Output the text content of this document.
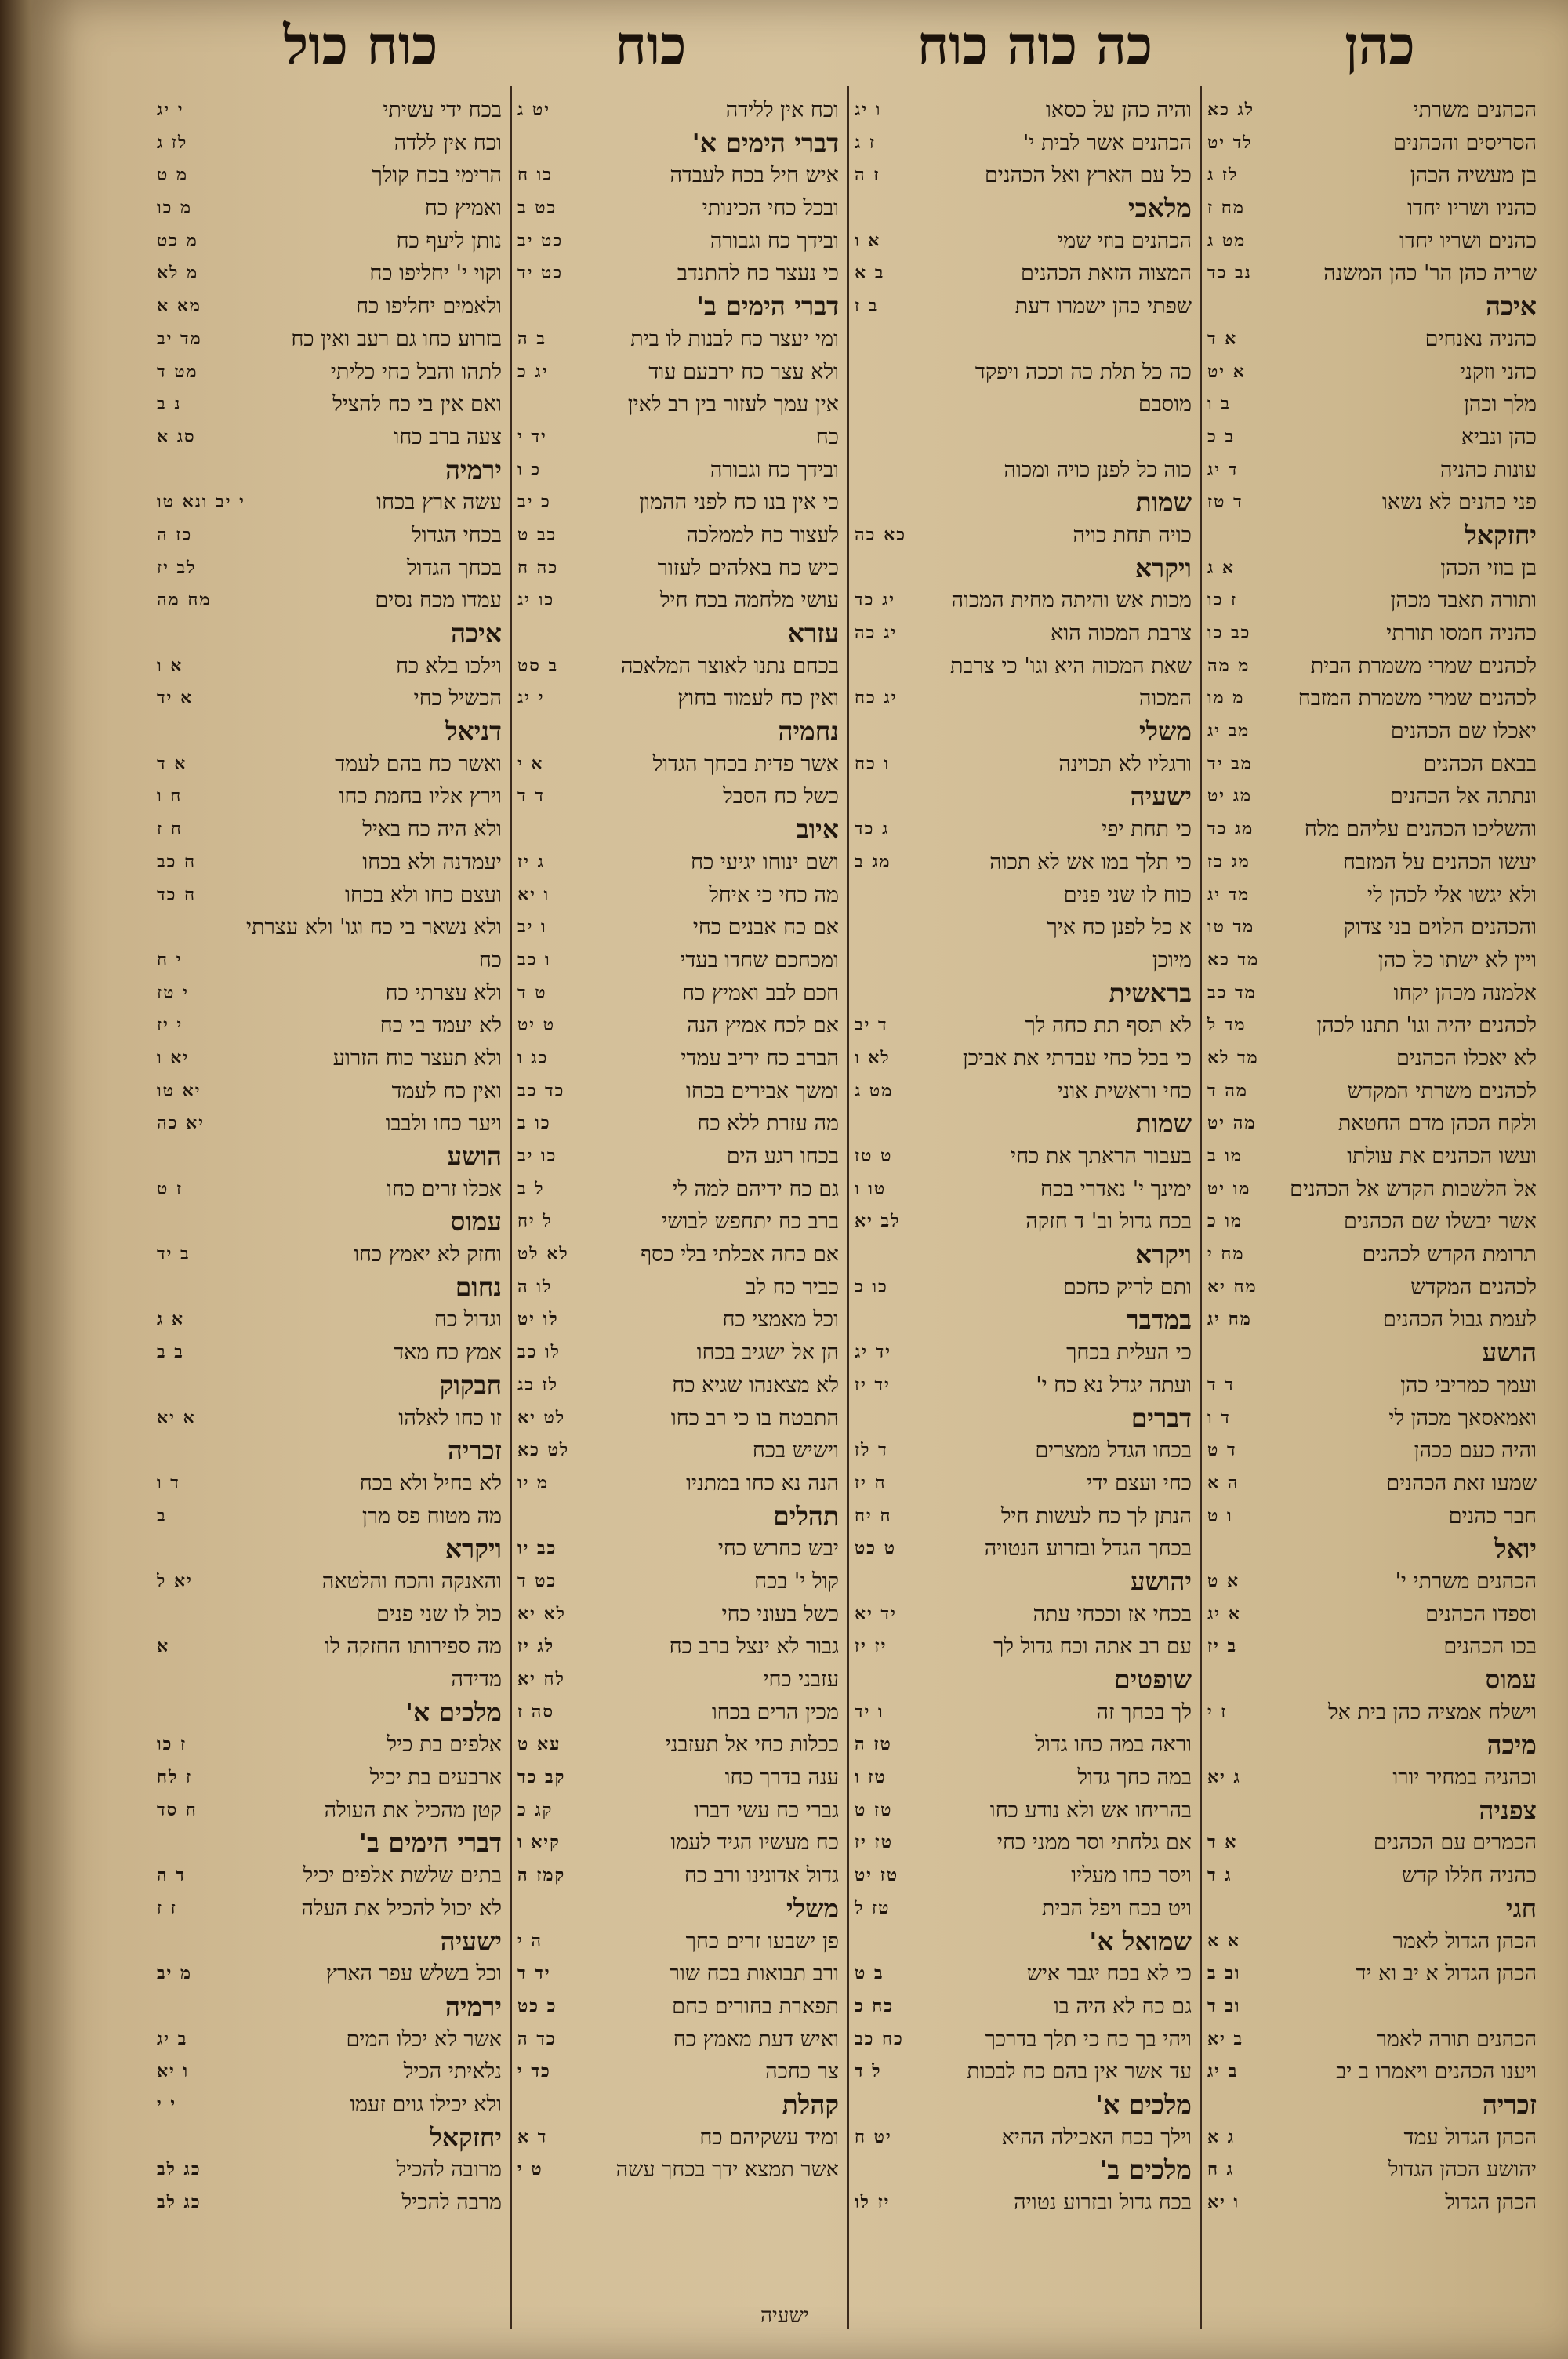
כהן
כה כוה כוח
כוח
כוח כול
הכהנים משרתי
לג כא
הסריסים והכהנים
לד יט
בן מעשיה הכהן
לז ג
כהניו ושריו יחדו
מח ז
כהנים ושריו יחדו
מט ג
שריה כהן הר' כהן המשנה
נב כד
איכה
כהניה נאנחים
א ד
כהני וזקני
א יט
מלך וכהן
ב ו
כהן ונביא
ב כ
עונות כהניה
ד יג
פני כהנים לא נשאו
ד טז
יחזקאל
בן בוזי הכהן
א ג
ותורה תאבד מכהן
ז כו
כהניה חמסו תורתי
כב כו
לכהנים שמרי משמרת הבית
מ מה
לכהנים שמרי משמרת המזבח
מ מו
יאכלו שם הכהנים
מב יג
בבאם הכהנים
מב יד
ונתתה אל הכהנים
מג יט
והשליכו הכהנים עליהם מלח
מג כד
יעשו הכהנים על המזבח
מג כז
ולא יגשו אלי לכהן לי
מד יג
והכהנים הלוים בני צדוק
מד טו
ויין לא ישתו כל כהן
מד כא
אלמנה מכהן יקחו
מד כב
לכהנים יהיה וגו' תתנו לכהן
מד ל
לא יאכלו הכהנים
מד לא
לכהנים משרתי המקדש
מה ד
ולקח הכהן מדם החטאת
מה יט
ועשו הכהנים את עולתו
מו ב
אל הלשכות הקדש אל הכהנים
מו יט
אשר יבשלו שם הכהנים
מו כ
תרומת הקדש לכהנים
מח י
לכהנים המקדש
מח יא
לעמת גבול הכהנים
מח יג
הושע
ועמך כמריבי כהן
ד ד
ואמאסאך מכהן לי
ד ו
והיה כעם ככהן
ד ט
שמעו זאת הכהנים
ה א
חבר כהנים
ו ט
יואל
הכהנים משרתי י'
א ט
וספדו הכהנים
א יג
בכו הכהנים
ב יז
עמוס
וישלח אמציה כהן בית אל
ז י
מיכה
וכהניה במחיר יורו
ג יא
צפניה
הכמרים עם הכהנים
א ד
כהניה חללו קדש
ג ד
חגי
הכהן הגדול לאמר
א א
הכהן הגדול א יב וא יד
וב ב
וב ד
הכהנים תורה לאמר
ב יא
ויענו הכהנים ויאמרו ב יב
ב יג
זכריה
הכהן הגדול עמד
ג א
יהושע הכהן הגדול
ג ח
הכהן הגדול
ו יא
והיה כהן על כסאו
ו יג
הכהנים אשר לבית י'
ז ג
כל עם הארץ ואל הכהנים
ז ה
מלאכי
הכהנים בוזי שמי
א ו
המצוה הזאת הכהנים
ב א
שפתי כהן ישמרו דעת
ב ז
כה כל תלת כה וככה ויפקד
מוסבם
כוה כל לפנן כויה ומכוה
שמות
כויה תחת כויה
כא כה
ויקרא
מכות אש והיתה מחית המכוה
יג כד
צרבת המכוה הוא
יג כה
שאת המכוה היא וגו' כי צרבת
המכוה
יג כח
משלי
ורגליו לא תכוינה
ו כח
ישעיה
כי תחת יפי
ג כד
כי תלך במו אש לא תכוה
מג ב
כוח לו שני פנים
א כל לפנן כח איך
מיוכן
בראשית
לא תסף תת כחה לך
ד יב
כי בכל כחי עבדתי את אביכן
לא ו
כחי וראשית אוני
מט ג
שמות
בעבור הראתך את כחי
ט טז
ימינך י' נאדרי בכח
טו ו
בכח גדול וב' ד חזקה
לב יא
ויקרא
ותם לריק כחכם
כו כ
במדבר
כי העלית בכחך
יד יג
ועתה יגדל נא כח י'
יד יז
דברים
בכחו הגדל ממצרים
ד לז
כחי ועצם ידי
ח יז
הנתן לך כח לעשות חיל
ח יח
בכחך הגדל ובזרוע הנטויה
ט כט
יהושע
בכחי אז וככחי עתה
יד יא
עם רב אתה וכח גדול לך
יז יז
שופטים
לך בכחך זה
ו יד
וראה במה כחו גדול
טז ה
במה כחך גדול
טז ו
בהריחו אש ולא נודע כחו
טז ט
אם גלחתי וסר ממני כחי
טז יז
ויסר כחו מעליו
טז יט
ויט בכח ויפל הבית
טז ל
שמואל א'
כי לא בכח יגבר איש
ב ט
גם כח לא היה בו
כח כ
ויהי בך כח כי תלך בדרכך
כח כב
עד אשר אין בהם כח לבכות
ל ד
מלכים א'
וילך בכח האכילה ההיא
יט ח
מלכים ב'
בכח גדול ובזרוע נטויה
יז לו
וכח אין ללידה
יט ג
דברי הימים א'
איש חיל בכח לעבדה
כו ח
ובכל כחי הכינותי
כט ב
ובידך כח וגבורה
כט יב
כי נעצר כח להתנדב
כט יד
דברי הימים ב'
ומי יעצר כח לבנות לו בית
ב ה
ולא עצר כח ירבעם עוד
יג כ
אין עמך לעזור בין רב לאין
כח
יד י
ובידך כח וגבורה
כ ו
כי אין בנו כח לפני ההמון
כ יב
לעצור כח לממלכה
כב ט
כיש כח באלהים לעזור
כה ח
עושי מלחמה בכח חיל
כו יג
עזרא
בכחם נתנו לאוצר המלאכה
ב סט
ואין כח לעמוד בחוץ
י יג
נחמיה
אשר פדית בכחך הגדול
א י
כשל כח הסבל
ד ד
איוב
ושם ינוחו יגיעי כח
ג יז
מה כחי כי איחל
ו יא
אם כח אבנים כחי
ו יב
ומכחכם שחדו בעדי
ו כב
חכם לבב ואמיץ כח
ט ד
אם לכח אמיץ הנה
ט יט
הברב כח יריב עמדי
כג ו
ומשך אבירים בכחו
כד כב
מה עזרת ללא כח
כו ב
בכחו רגע הים
כו יב
גם כח ידיהם למה לי
ל ב
ברב כח יתחפש לבושי
ל יח
אם כחה אכלתי בלי כסף
לא לט
כביר כח לב
לו ה
וכל מאמצי כח
לו יט
הן אל ישגיב בכחו
לו כב
לא מצאנהו שגיא כח
לז כג
התבטח בו כי רב כחו
לט יא
וישיש בכח
לט כא
הנה נא כחו במתניו
מ יו
תהלים
יבש כחרש כחי
כב יו
קול י' בכח
כט ד
כשל בעוני כחי
לא יא
גבור לא ינצל ברב כח
לג יז
עזבני כחי
לח יא
מכין הרים בכחו
סה ז
ככלות כחי אל תעזבני
עא ט
ענה בדרך כחו
קב כד
גברי כח עשי דברו
קג כ
כח מעשיו הגיד לעמו
קיא ו
גדול אדונינו ורב כח
קמז ה
משלי
פן ישבעו זרים כחך
ה י
ורב תבואות בכח שור
יד ד
תפארת בחורים כחם
כ כט
ואיש דעת מאמץ כח
כד ה
צר כחכה
כד י
קהלת
ומיד עשקיהם כח
ד א
אשר תמצא ידך בכחך עשה
ט י
בכח ידי עשיתי
י יג
וכח אין ללדה
לז ג
הרימי בכח קולך
מ ט
ואמיץ כח
מ כו
נותן ליעף כח
מ כט
וקוי י' יחליפו כח
מ לא
ולאמים יחליפו כח
מא א
בזרוע כחו גם רעב ואין כח
מד יב
לתהו והבל כחי כליתי
מט ד
ואם אין בי כח להציל
נ ב
צעה ברב כחו
סג א
ירמיה
עשה ארץ בכחו
י יב ונא טו
בכחי הגדול
כז ה
בכחך הגדול
לב יז
עמדו מכח נסים
מח מה
איכה
וילכו בלא כח
א ו
הכשיל כחי
א יד
דניאל
ואשר כח בהם לעמד
א ד
וירץ אליו בחמת כחו
ח ו
ולא היה כח באיל
ח ז
יעמדנה ולא בכחו
ח כב
ועצם כחו ולא בכחו
ח כד
ולא נשאר בי כח וגו' ולא עצרתי
כח
י ח
ולא עצרתי כח
י טז
לא יעמד בי כח
י יז
ולא תעצר כוח הזרוע
יא ו
ואין כח לעמד
יא טו
ויער כחו ולבבו
יא כה
הושע
אכלו זרים כחו
ז ט
עמוס
וחזק לא יאמץ כחו
ב יד
נחום
וגדול כח
א ג
אמץ כח מאד
ב ב
חבקוק
זו כחו לאלהו
א יא
זכריה
לא בחיל ולא בכח
ד ו
מה מטוח פס מרן
ב
ויקרא
והאנקה והכח והלטאה
יא ל
כול לו שני פנים
מה ספירותו החזקה לו
א
מדידה
מלכים א'
אלפים בת כיל
ז כו
ארבעים בת יכיל
ז לח
קטן מהכיל את העולה
ח סד
דברי הימים ב'
בתים שלשת אלפים יכיל
ד ה
לא יכול להכיל את העלה
ז ז
ישעיה
וכל בשלש עפר הארץ
מ יב
ירמיה
אשר לא יכלו המים
ב יג
נלאיתי הכיל
ו יא
ולא יכילו גוים זעמו
י י
יחזקאל
מרובה להכיל
כג לב
מרבה להכיל
כג לב
ישעיה
